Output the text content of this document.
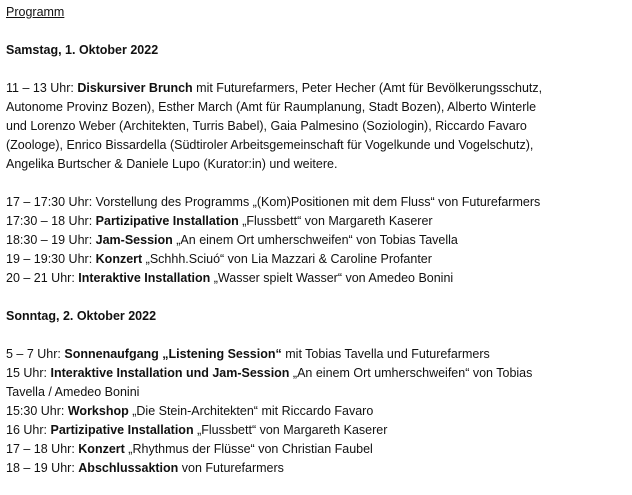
Programm

Samstag, 1. Oktober 2022

11 – 13 Uhr: Diskursiver Brunch mit Futurefarmers, Peter Hecher (Amt für Bevölkerungsschutz,

Autonome Provinz Bozen), Esther March (Amt für Raumplanung, Stadt Bozen), Alberto Winterle

und Lorenzo Weber (Architekten, Turris Babel), Gaia Palmesino (Soziologin), Riccardo Favaro

(Zoologe), Enrico Bissardella (Südtiroler Arbeitsgemeinschaft für Vogelkunde und Vogelschutz),

Angelika Burtscher & Daniele Lupo (Kurator:in) und weitere.

17 – 17:30 Uhr: Vorstellung des Programms „(Kom)Positionen mit dem Fluss“ von Futurefarmers

17:30 – 18 Uhr: Partizipative Installation „Flussbett“ von Margareth Kaserer

18:30 – 19 Uhr: Jam-Session „An einem Ort umherschweifen“ von Tobias Tavella

19 – 19:30 Uhr: Konzert „Schhh.Sciuó“ von Lia Mazzari & Caroline Profanter

20 – 21 Uhr: Interaktive Installation „Wasser spielt Wasser“ von Amedeo Bonini

Sonntag, 2. Oktober 2022

5 – 7 Uhr: Sonnenaufgang „Listening Session“ mit Tobias Tavella und Futurefarmers

15 Uhr: Interaktive Installation und Jam-Session „An einem Ort umherschweifen“ von Tobias

Tavella / Amedeo Bonini

15:30 Uhr: Workshop „Die Stein-Architekten“ mit Riccardo Favaro

16 Uhr: Partizipative Installation „Flussbett“ von Margareth Kaserer

17 – 18 Uhr: Konzert „Rhythmus der Flüsse“ von Christian Faubel

18 – 19 Uhr: Abschlussaktion von Futurefarmers
